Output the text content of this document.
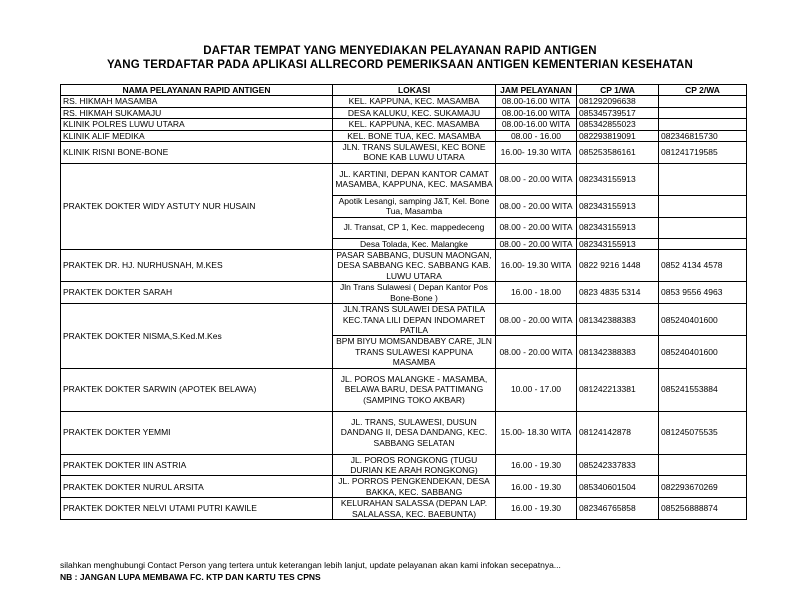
DAFTAR TEMPAT YANG MENYEDIAKAN PELAYANAN RAPID ANTIGEN
YANG TERDAFTAR PADA APLIKASI ALLRECORD PEMERIKSAAN ANTIGEN KEMENTERIAN KESEHATAN
NAMA PELAYANAN RAPID ANTIGEN	LOKASI	JAM PELAYANAN	CP 1/WA	CP 2/WA
RS. HIKMAH MASAMBA	KEL. KAPPUNA, KEC. MASAMBA	08.00-16.00 WITA	081292096638	
RS. HIKMAH SUKAMAJU	DESA KALUKU, KEC. SUKAMAJU	08.00-16.00 WITA	085345739517	
KLINIK POLRES LUWU UTARA	KEL. KAPPUNA, KEC. MASAMBA	08.00-16.00 WITA	085342855023	
KLINIK ALIF MEDIKA	KEL. BONE TUA, KEC. MASAMBA	08.00 - 16.00	082293819091	082346815730
KLINIK RISNI BONE-BONE	JLN. TRANS SULAWESI, KEC BONE BONE KAB LUWU UTARA	16.00- 19.30 WITA	085253586161	081241719585
PRAKTEK DOKTER WIDY ASTUTY NUR HUSAIN	JL. KARTINI, DEPAN KANTOR CAMAT MASAMBA, KAPPUNA, KEC. MASAMBA	08.00 - 20.00 WITA	082343155913	
	Apotik Lesangi, samping J&T, Kel. Bone Tua, Masamba	08.00 - 20.00 WITA	082343155913	
	Jl. Transat, CP 1, Kec. mappedeceng	08.00 - 20.00 WITA	082343155913	
	Desa Tolada, Kec. Malangke	08.00 - 20.00 WITA	082343155913	
PRAKTEK DR. HJ. NURHUSNAH, M.KES	PASAR SABBANG, DUSUN MAONGAN, DESA SABBANG KEC. SABBANG KAB. LUWU UTARA	16.00- 19.30 WITA	0822 9216 1448	0852 4134 4578
PRAKTEK DOKTER SARAH	Jln Trans Sulawesi ( Depan Kantor Pos Bone-Bone )	16.00 - 18.00	0823 4835 5314	0853 9556 4963
PRAKTEK DOKTER NISMA,S.Ked.M.Kes	JLN.TRANS SULAWEI DESA PATILA KEC.TANA LILI DEPAN INDOMARET PATILA	08.00 - 20.00 WITA	081342388383	085240401600
	BPM BIYU MOMSANDBABY CARE, JLN TRANS SULAWESI KAPPUNA MASAMBA	08.00 - 20.00 WITA	081342388383	085240401600
PRAKTEK DOKTER SARWIN (APOTEK BELAWA)	JL. POROS MALANGKE - MASAMBA, BELAWA BARU, DESA PATTIMANG (SAMPING TOKO AKBAR)	10.00 - 17.00	081242213381	085241553884
PRAKTEK DOKTER YEMMI	JL. TRANS, SULAWESI, DUSUN DANDANG II, DESA DANDANG, KEC. SABBANG SELATAN	15.00- 18.30 WITA	08124142878	081245075535
PRAKTEK DOKTER IIN ASTRIA	JL. POROS RONGKONG (TUGU DURIAN KE ARAH RONGKONG)	16.00 - 19.30	085242337833	
PRAKTEK DOKTER NURUL ARSITA	JL. PORROS PENGKENDEKAN, DESA BAKKA, KEC. SABBANG	16.00 - 19.30	085340601504	082293670269
PRAKTEK DOKTER NELVI UTAMI PUTRI KAWILE	KELURAHAN SALASSA (DEPAN LAP. SALALASSA, KEC. BAEBUNTA)	16.00 - 19.30	082346765858	085256888874
silahkan menghubungi Contact Person yang tertera untuk keterangan lebih lanjut, update pelayanan akan kami infokan secepatnya...
NB : JANGAN LUPA MEMBAWA FC. KTP DAN KARTU TES CPNS
